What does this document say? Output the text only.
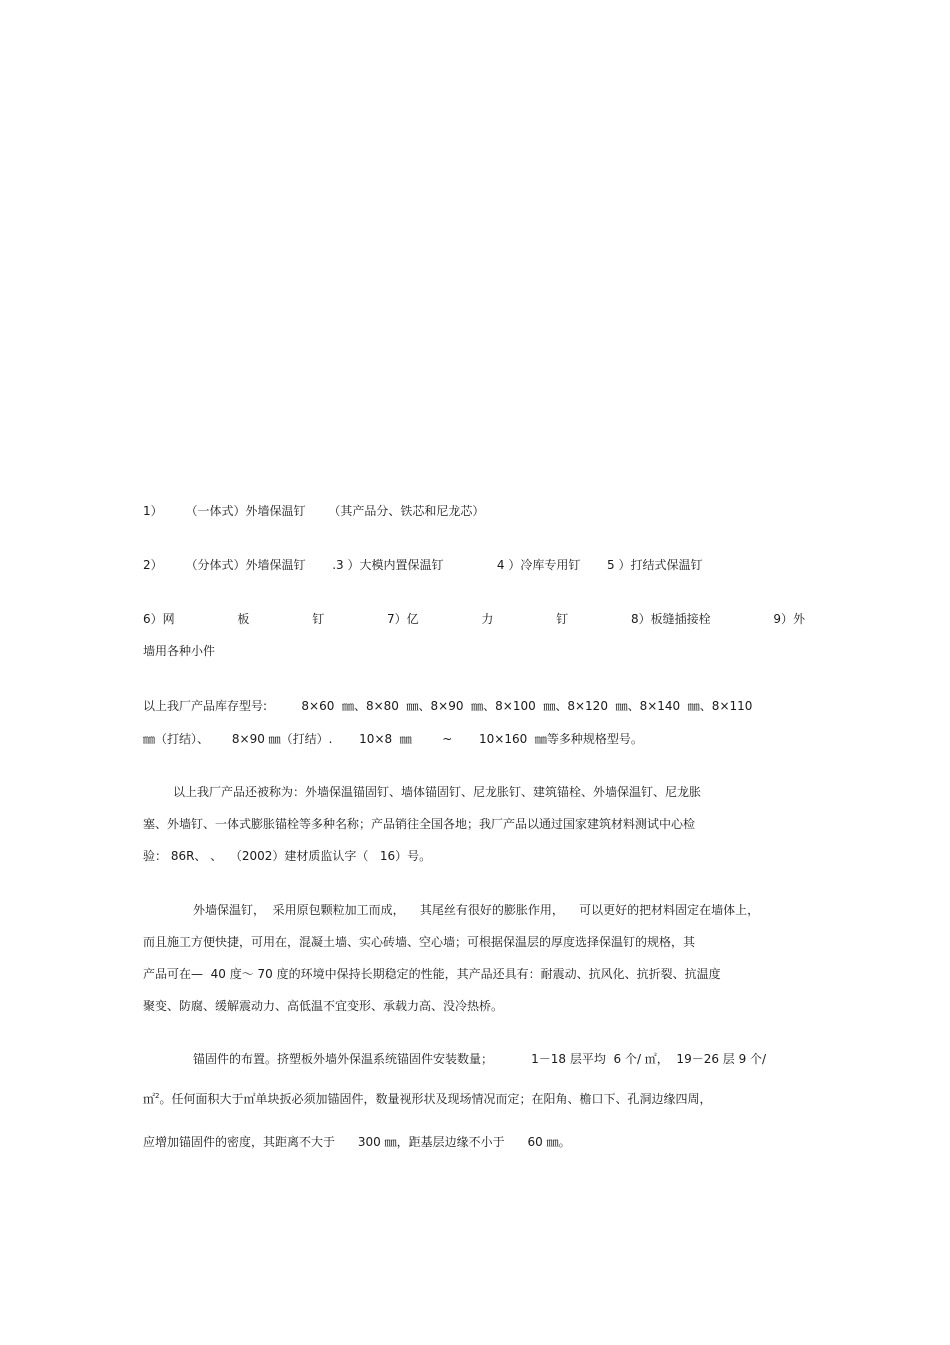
1）      （一体式）外墙保温钉      （其产品分、铁芯和尼龙芯）
2）      （分体式）外墙保温钉       .3 ）大模内置保温钉              4 ）冷库专用钉       5 ）打结式保温钉
6）网	板	钉	7）亿	力	钉	8）板缝插接栓	9）外
墙用各种小件
以上我厂产品库存型号:         8×60  ㎜、8×80  ㎜、8×90  ㎜、8×100  ㎜、8×120  ㎜、8×140  ㎜、8×110
㎜（打结）、      8×90 ㎜（打结）.       10×8  ㎜        ~       10×160  ㎜等多种规格型号。
以上我厂产品还被称为：外墙保温锚固钉、墙体锚固钉、尼龙胀钉、建筑锚栓、外墙保温钉、尼龙胀
塞、外墙钉、一体式膨胀锚栓等多种名称；产品销往全国各地；我厂产品以通过国家建筑材料测试中心检
验： 86R、 、  （2002）建材质监认字（   16）号。
外墙保温钉，  采用原包颗粒加工而成，    其尾丝有很好的膨胀作用，    可以更好的把材料固定在墙体上，
而且施工方便快捷，可用在，混凝土墙、实心砖墙、空心墙；可根据保温层的厚度选择保温钉的规格，其
产品可在—  40 度～ 70 度的环境中保持长期稳定的性能，其产品还具有：耐震动、抗风化、抗折裂、抗温度
聚变、防腐、缓解震动力、高低温不宜变形、承载力高、没冷热桥。
锚固件的布置。挤塑板外墙外保温系统锚固件安装数量；          1－18 层平均  6 个/ ㎡，  19－26 层 9 个/
㎡$^2$。任何面积大于㎡单块扳必须加锚固件，数量视形状及现场情况而定；在阳角、檐口下、孔洞边缘四周，
应增加锚固件的密度，其距离不大于      300 ㎜，距基层边缘不小于      60 ㎜。
